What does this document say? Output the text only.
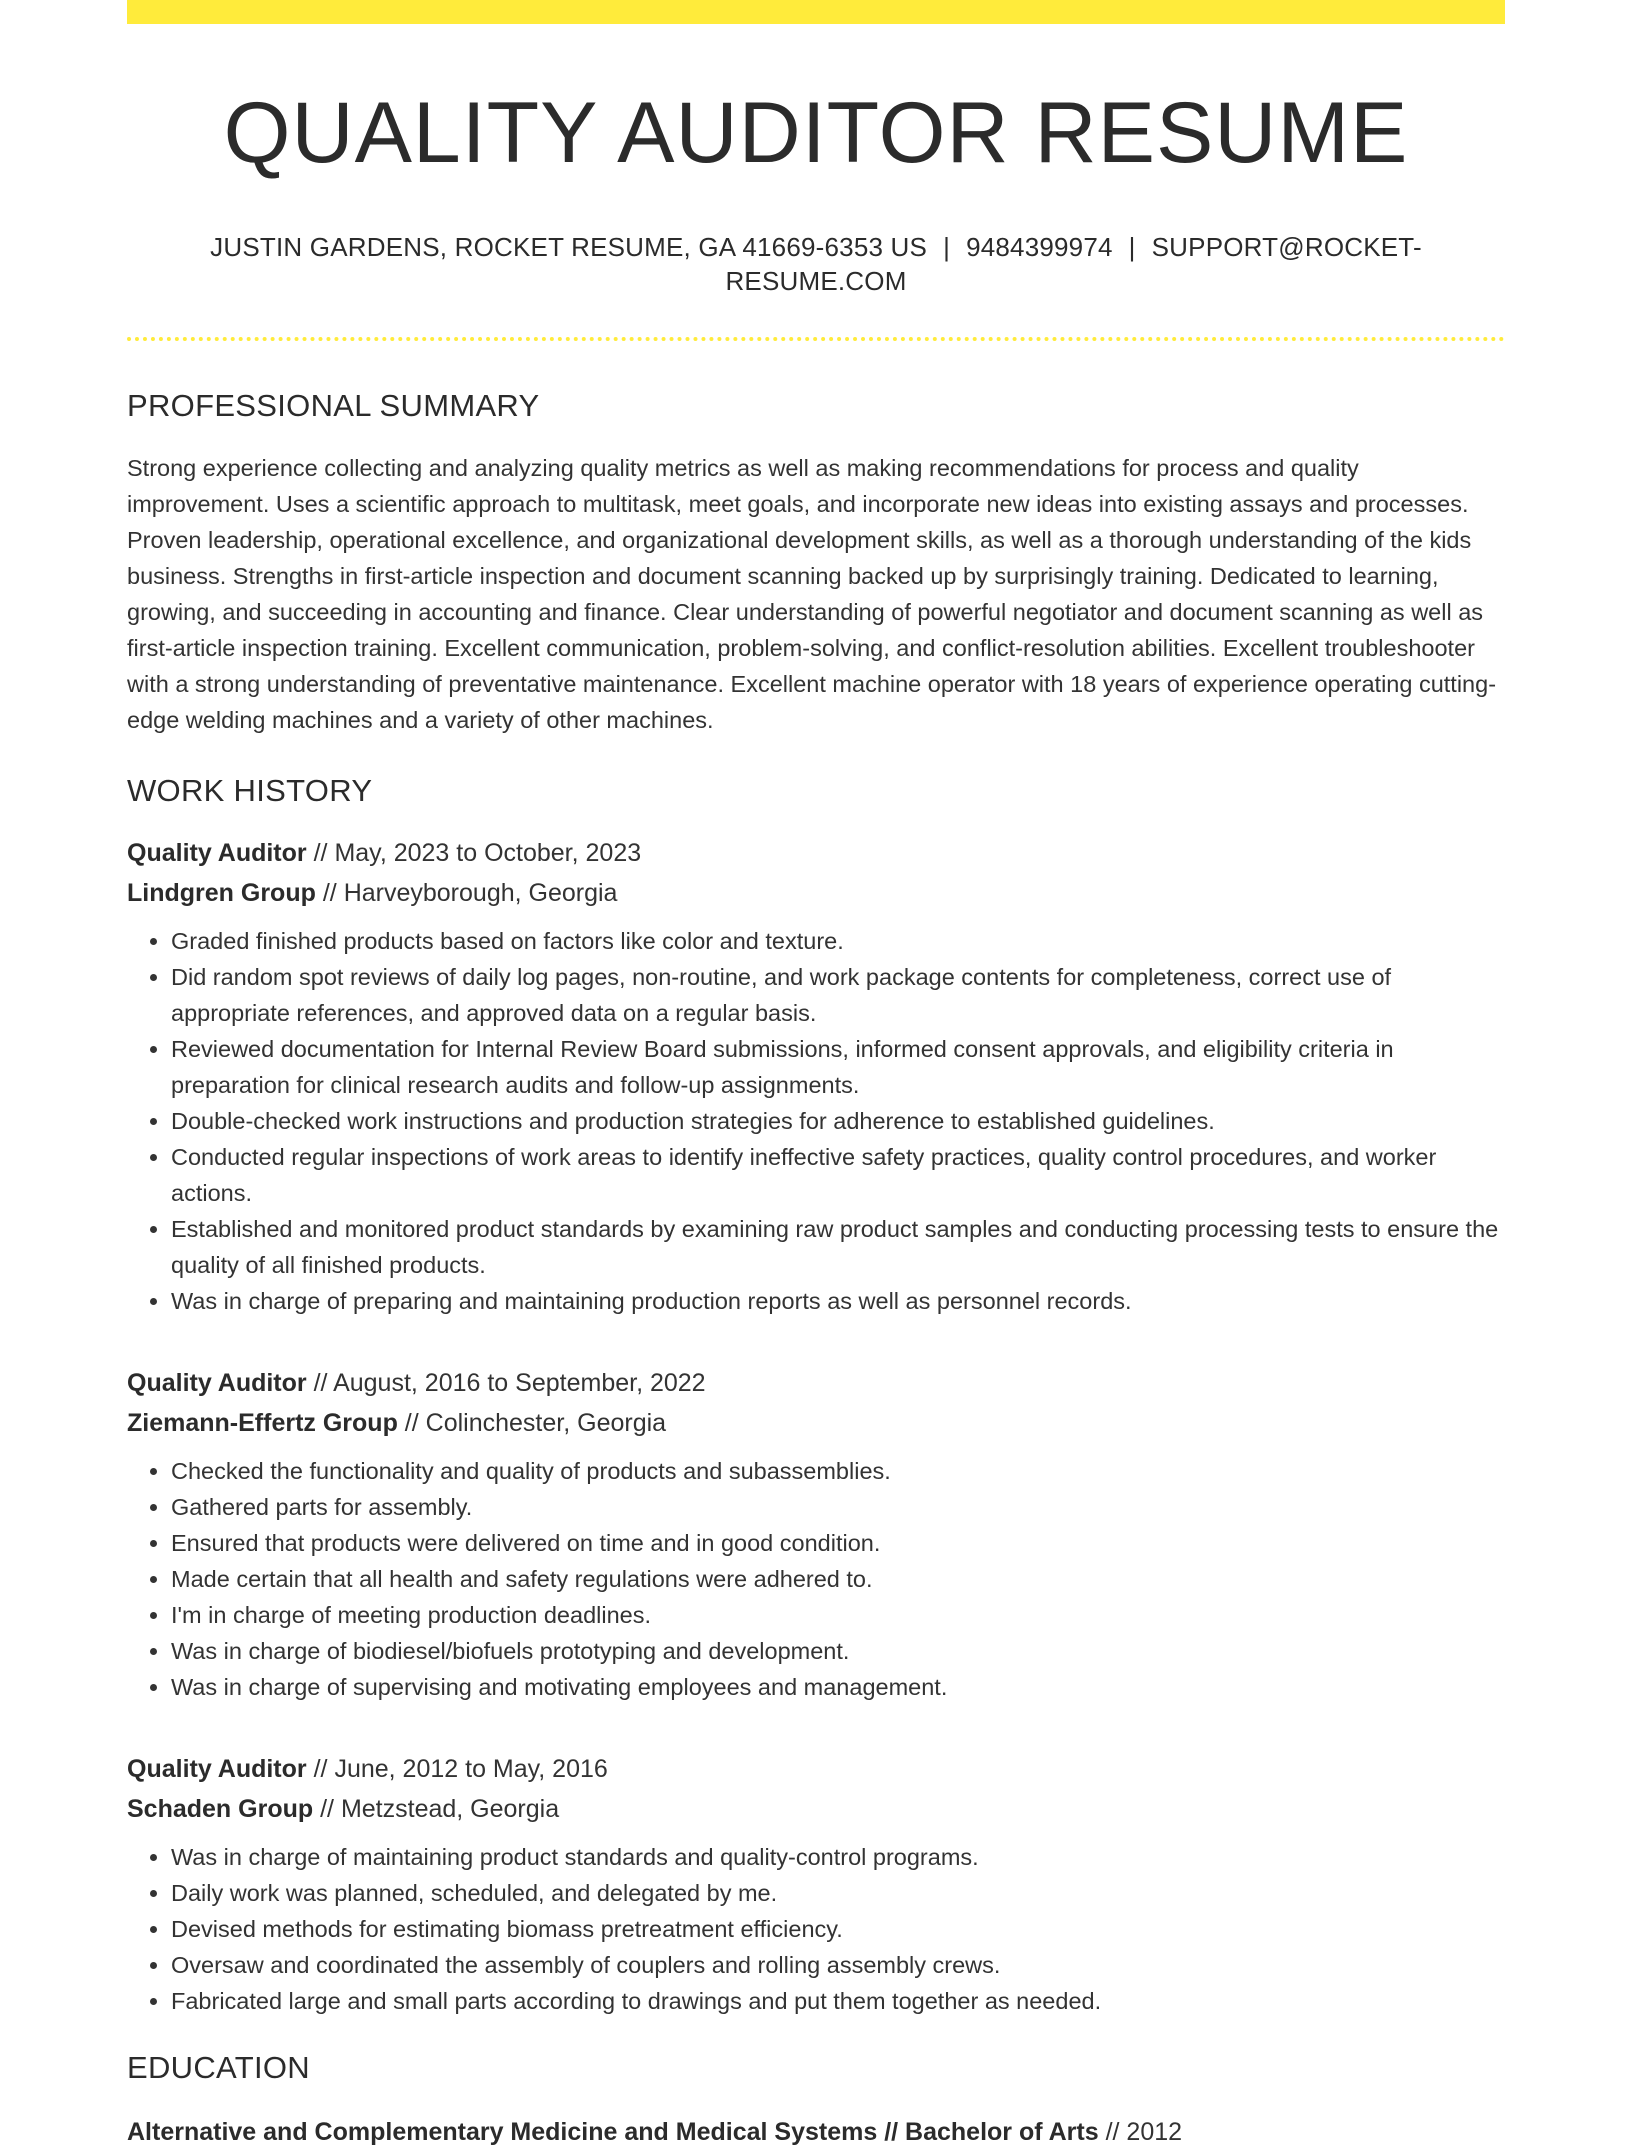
QUALITY AUDITOR RESUME
JUSTIN GARDENS, ROCKET RESUME, GA 41669-6353 US | 9484399974 | SUPPORT@ROCKET-RESUME.COM
PROFESSIONAL SUMMARY
Strong experience collecting and analyzing quality metrics as well as making recommendations for process and quality improvement. Uses a scientific approach to multitask, meet goals, and incorporate new ideas into existing assays and processes. Proven leadership, operational excellence, and organizational development skills, as well as a thorough understanding of the kids business. Strengths in first-article inspection and document scanning backed up by surprisingly training. Dedicated to learning, growing, and succeeding in accounting and finance. Clear understanding of powerful negotiator and document scanning as well as first-article inspection training. Excellent communication, problem-solving, and conflict-resolution abilities. Excellent troubleshooter with a strong understanding of preventative maintenance. Excellent machine operator with 18 years of experience operating cutting-edge welding machines and a variety of other machines.
WORK HISTORY
Quality Auditor // May, 2023 to October, 2023
Lindgren Group // Harveyborough, Georgia
• Graded finished products based on factors like color and texture.
• Did random spot reviews of daily log pages, non-routine, and work package contents for completeness, correct use of appropriate references, and approved data on a regular basis.
• Reviewed documentation for Internal Review Board submissions, informed consent approvals, and eligibility criteria in preparation for clinical research audits and follow-up assignments.
• Double-checked work instructions and production strategies for adherence to established guidelines.
• Conducted regular inspections of work areas to identify ineffective safety practices, quality control procedures, and worker actions.
• Established and monitored product standards by examining raw product samples and conducting processing tests to ensure the quality of all finished products.
• Was in charge of preparing and maintaining production reports as well as personnel records.
Quality Auditor // August, 2016 to September, 2022
Ziemann-Effertz Group // Colinchester, Georgia
• Checked the functionality and quality of products and subassemblies.
• Gathered parts for assembly.
• Ensured that products were delivered on time and in good condition.
• Made certain that all health and safety regulations were adhered to.
• I'm in charge of meeting production deadlines.
• Was in charge of biodiesel/biofuels prototyping and development.
• Was in charge of supervising and motivating employees and management.
Quality Auditor // June, 2012 to May, 2016
Schaden Group // Metzstead, Georgia
• Was in charge of maintaining product standards and quality-control programs.
• Daily work was planned, scheduled, and delegated by me.
• Devised methods for estimating biomass pretreatment efficiency.
• Oversaw and coordinated the assembly of couplers and rolling assembly crews.
• Fabricated large and small parts according to drawings and put them together as needed.
EDUCATION
Alternative and Complementary Medicine and Medical Systems // Bachelor of Arts // 2012
